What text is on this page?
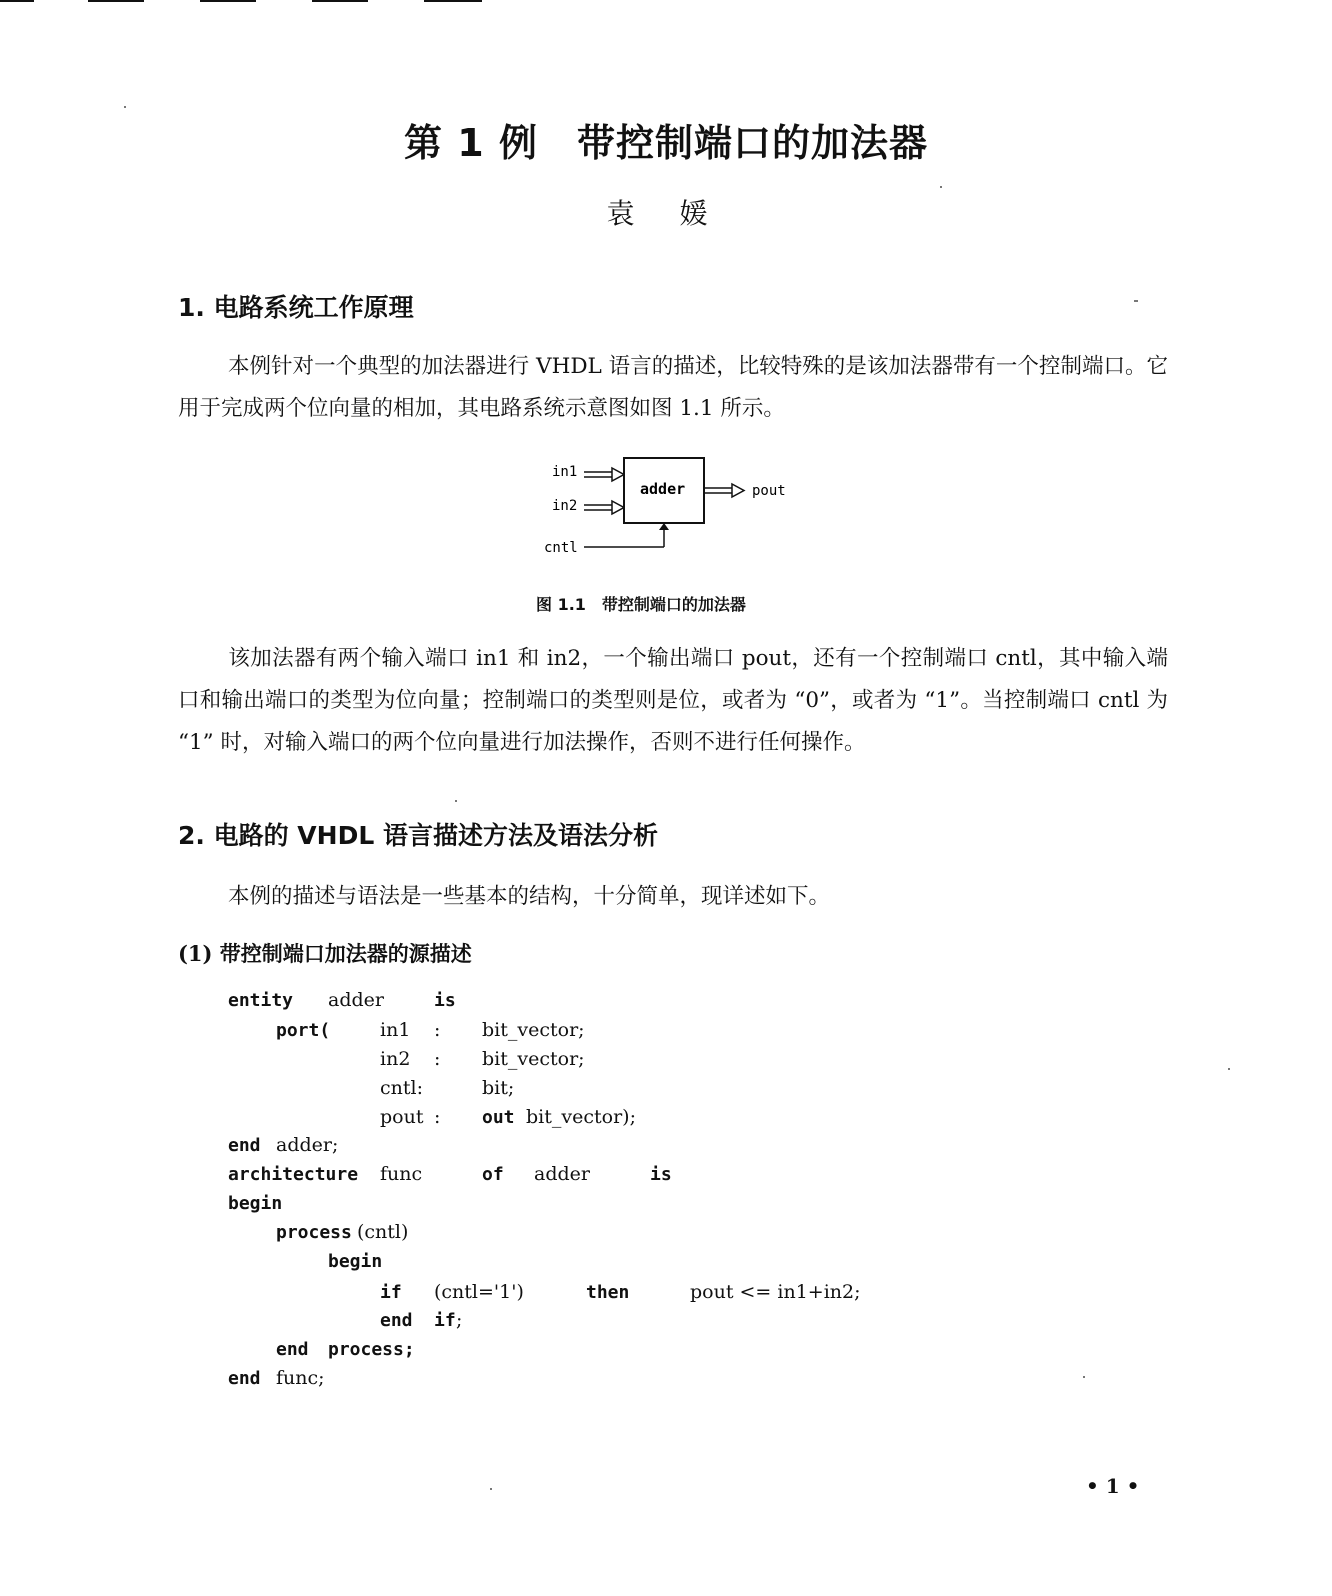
第 1 例　带控制端口的加法器
袁 媛
1. 电路系统工作原理

本例针对一个典型的加法器进行 VHDL 语言的描述，比较特殊的是该加法器带有一个控制端口。它用于完成两个位向量的相加，其电路系统示意图如图 1.1 所示。

in1
in2
adder	pout
cntl
图 1.1　带控制端口的加法器

该加法器有两个输入端口 in1 和 in2，一个输出端口 pout，还有一个控制端口 cntl，其中输入端口和输出端口的类型为位向量；控制端口的类型则是位，或者为 “0”，或者为 “1”。当控制端口 cntl 为 “1” 时，对输入端口的两个位向量进行加法操作，否则不进行任何操作。

2. 电路的 VHDL 语言描述方法及语法分析

本例的描述与语法是一些基本的结构，十分简单，现详述如下。

(1) 带控制端口加法器的源描述
entity adder	is
port(	in1 : bit_vector;
in2 : bit_vector;
cntl:	bit;
pout : out bit_vector);
end adder;
architecture func	of adder	is
begin
process (cntl)
begin
if (cntl='1')	then	pout <= in1+in2;
end if ;
end process;
end func;
• 1 •
